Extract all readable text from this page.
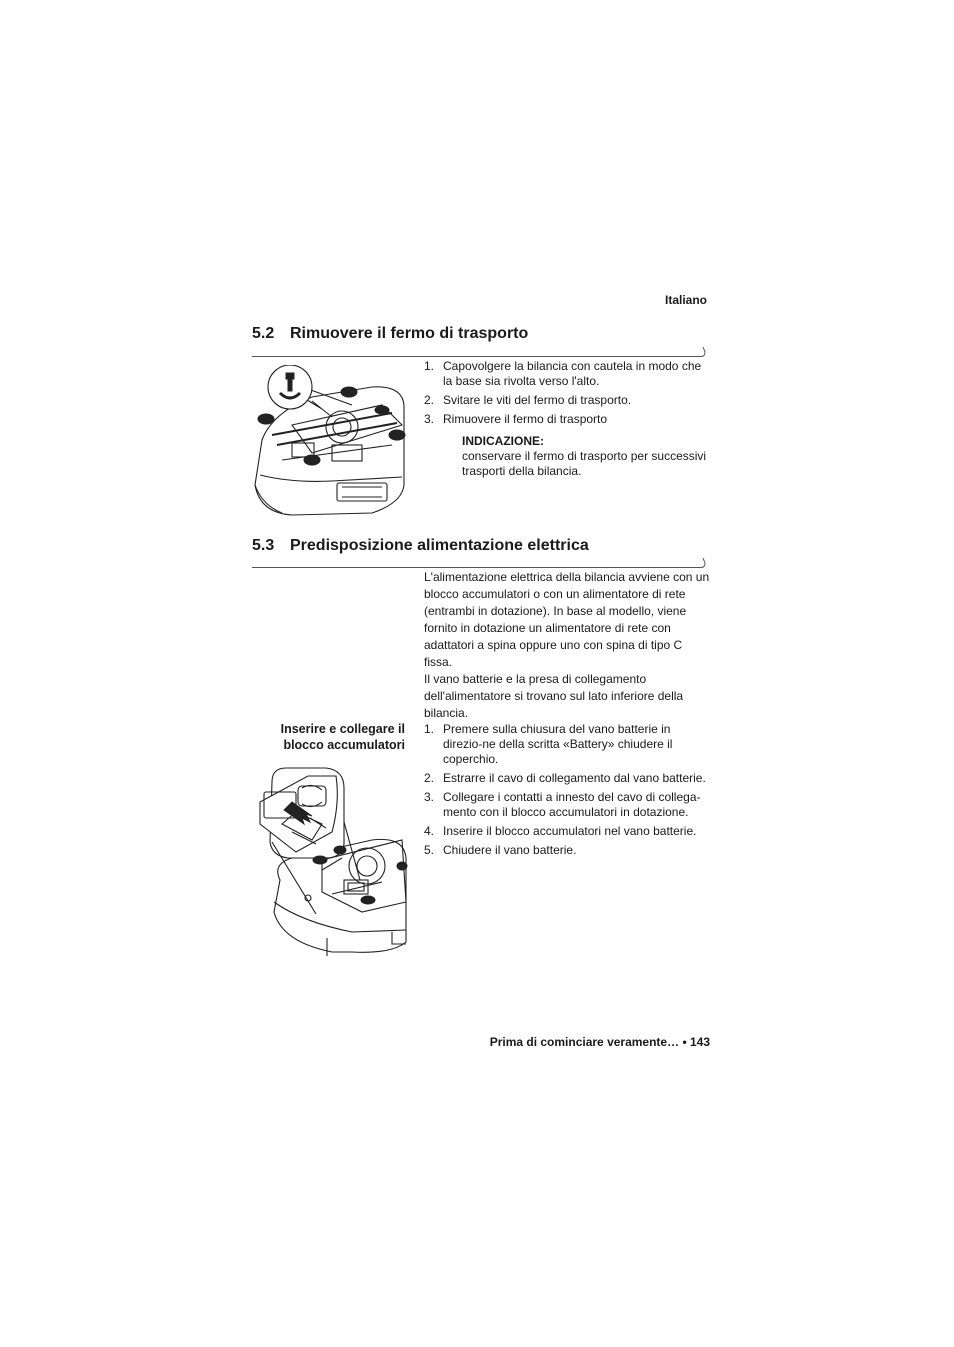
Italiano
5.2 Rimuovere il fermo di trasporto
1. Capovolgere la bilancia con cautela in modo che la base sia rivolta verso l'alto.
2. Svitare le viti del fermo di trasporto.
3. Rimuovere il fermo di trasporto
INDICAZIONE:
conservare il fermo di trasporto per successivi trasporti della bilancia.
5.3 Predisposizione alimentazione elettrica
L'alimentazione elettrica della bilancia avviene con un blocco accumulatori o con un alimentatore di rete (entrambi in dotazione). In base al modello, viene fornito in dotazione un alimentatore di rete con adattatori a spina oppure uno con spina di tipo C fissa.
Il vano batterie e la presa di collegamento dell'alimentatore si trovano sul lato inferiore della bilancia.
Inserire e collegare il
blocco accumulatori
1. Premere sulla chiusura del vano batterie in direzio-ne della scritta «Battery» chiudere il coperchio.
2. Estrarre il cavo di collegamento dal vano batterie.
3. Collegare i contatti a innesto del cavo di collega-mento con il blocco accumulatori in dotazione.
4. Inserire il blocco accumulatori nel vano batterie.
5. Chiudere il vano batterie.
Prima di cominciare veramente… • 143
